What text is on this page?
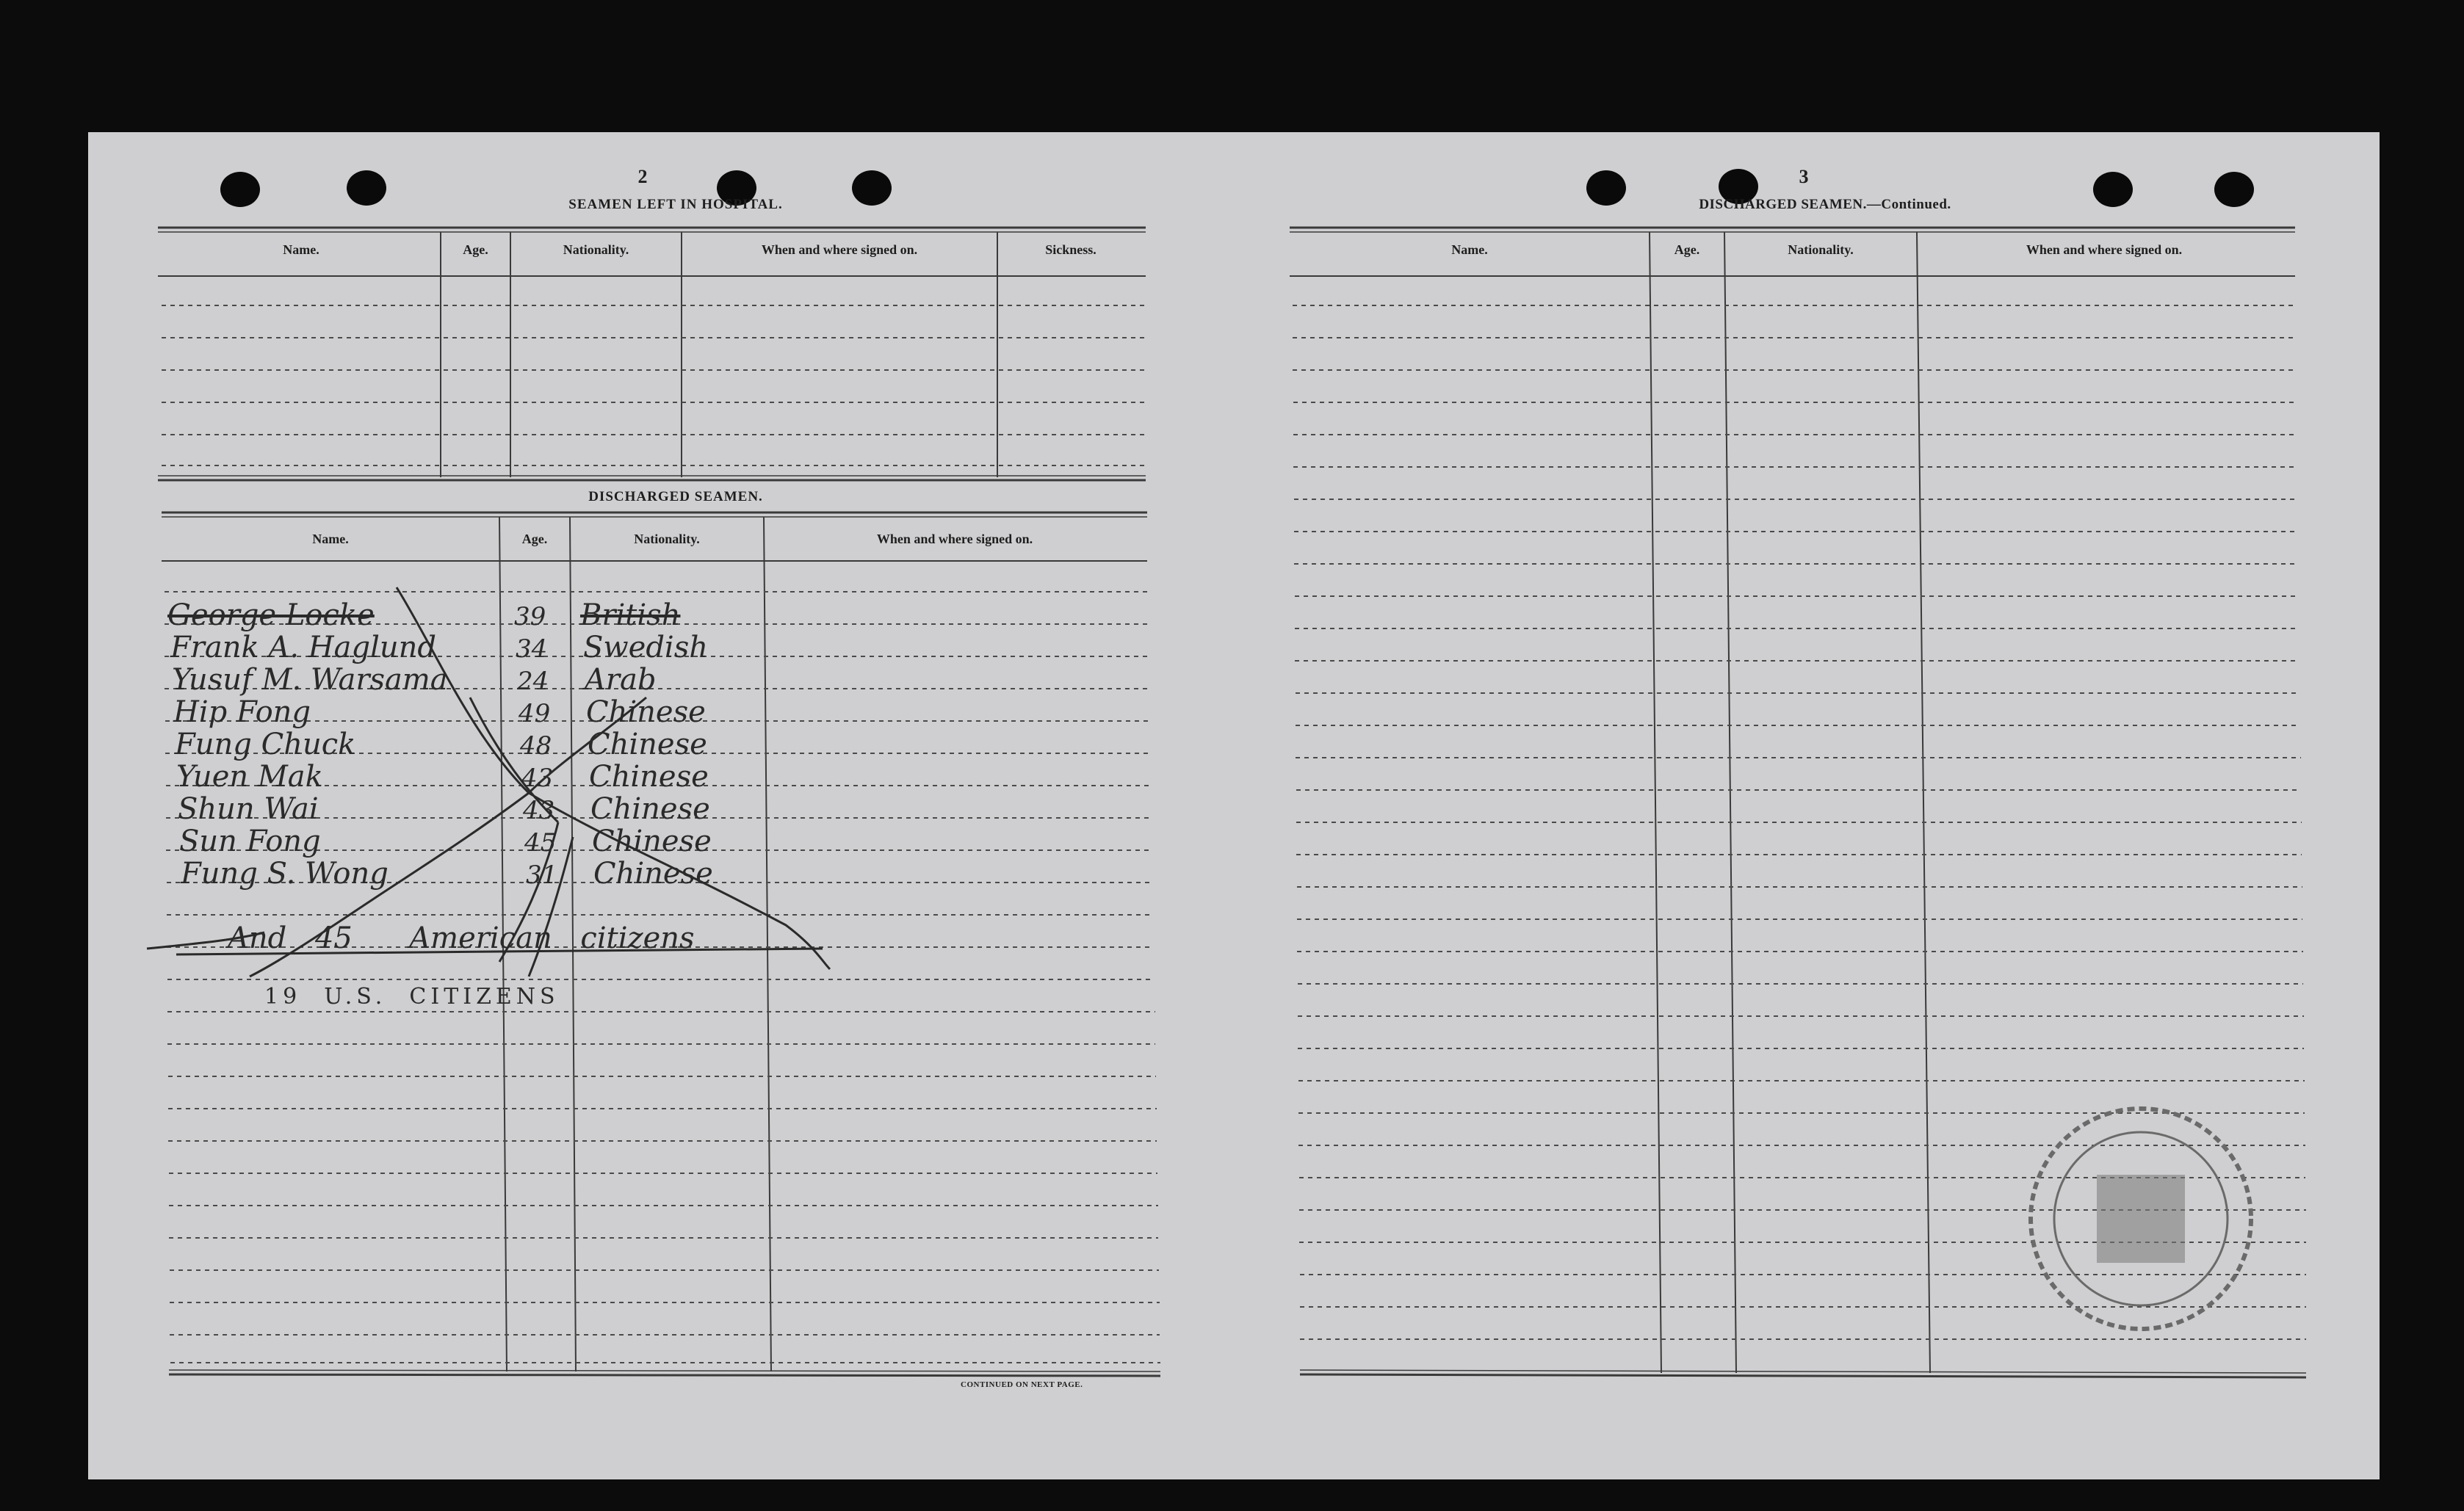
2
SEAMEN LEFT IN HOSPITAL.
Name.	Age.	Nationality.	When and where signed on.	Sickness.
DISCHARGED SEAMEN.
Name.	Age.	Nationality.	When and where signed on.
George Locke	39 British
Frank A. Haglund	34 Swedish
Yusuf M. Warsama	24 Arab
Hip Fong	49 Chinese
Fung Chuck	48 Chinese
Yuen Mak	43 Chinese
Shun Wai	43 Chinese
Sun Fong	45 Chinese
Fung S. Wong	31 Chinese
And 45  American citizens
19  U.S.  CITIZENS
CONTINUED ON NEXT PAGE.
3
DISCHARGED SEAMEN.—Continued.
Name.	Age.	Nationality.	When and where signed on.
